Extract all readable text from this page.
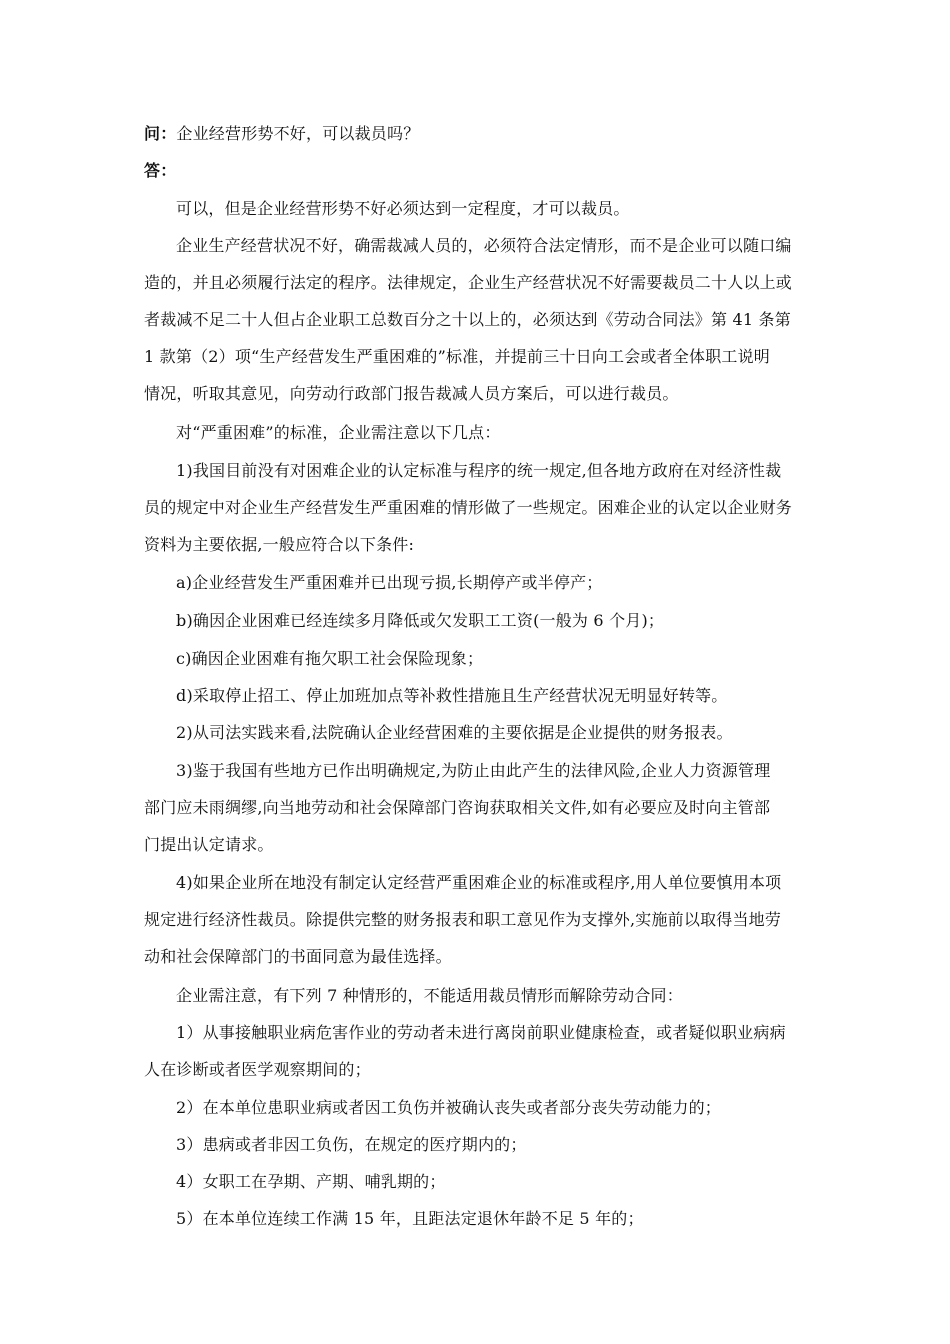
问：企业经营形势不好，可以裁员吗？
答：
可以，但是企业经营形势不好必须达到一定程度，才可以裁员。
企业生产经营状况不好，确需裁减人员的，必须符合法定情形，而不是企业可以随口编
造的，并且必须履行法定的程序。法律规定，企业生产经营状况不好需要裁员二十人以上或
者裁减不足二十人但占企业职工总数百分之十以上的，必须达到《劳动合同法》第 41 条第
1 款第（2）项“生产经营发生严重困难的”标准，并提前三十日向工会或者全体职工说明
情况，听取其意见，向劳动行政部门报告裁减人员方案后，可以进行裁员。
对“严重困难”的标准，企业需注意以下几点：
1)我国目前没有对困难企业的认定标准与程序的统一规定,但各地方政府在对经济性裁
员的规定中对企业生产经营发生严重困难的情形做了一些规定。困难企业的认定以企业财务
资料为主要依据,一般应符合以下条件:
a)企业经营发生严重困难并已出现亏损,长期停产或半停产；
b)确因企业困难已经连续多月降低或欠发职工工资(一般为 6 个月)；
c)确因企业困难有拖欠职工社会保险现象；
d)采取停止招工、停止加班加点等补救性措施且生产经营状况无明显好转等。
2)从司法实践来看,法院确认企业经营困难的主要依据是企业提供的财务报表。
3)鉴于我国有些地方已作出明确规定,为防止由此产生的法律风险,企业人力资源管理
部门应未雨绸缪,向当地劳动和社会保障部门咨询获取相关文件,如有必要应及时向主管部
门提出认定请求。
4)如果企业所在地没有制定认定经营严重困难企业的标准或程序,用人单位要慎用本项
规定进行经济性裁员。除提供完整的财务报表和职工意见作为支撑外,实施前以取得当地劳
动和社会保障部门的书面同意为最佳选择。
企业需注意，有下列 7 种情形的，不能适用裁员情形而解除劳动合同：
1）从事接触职业病危害作业的劳动者未进行离岗前职业健康检查，或者疑似职业病病
人在诊断或者医学观察期间的；
2）在本单位患职业病或者因工负伤并被确认丧失或者部分丧失劳动能力的；
3）患病或者非因工负伤，在规定的医疗期内的；
4）女职工在孕期、产期、哺乳期的；
5）在本单位连续工作满 15 年，且距法定退休年龄不足 5 年的；
